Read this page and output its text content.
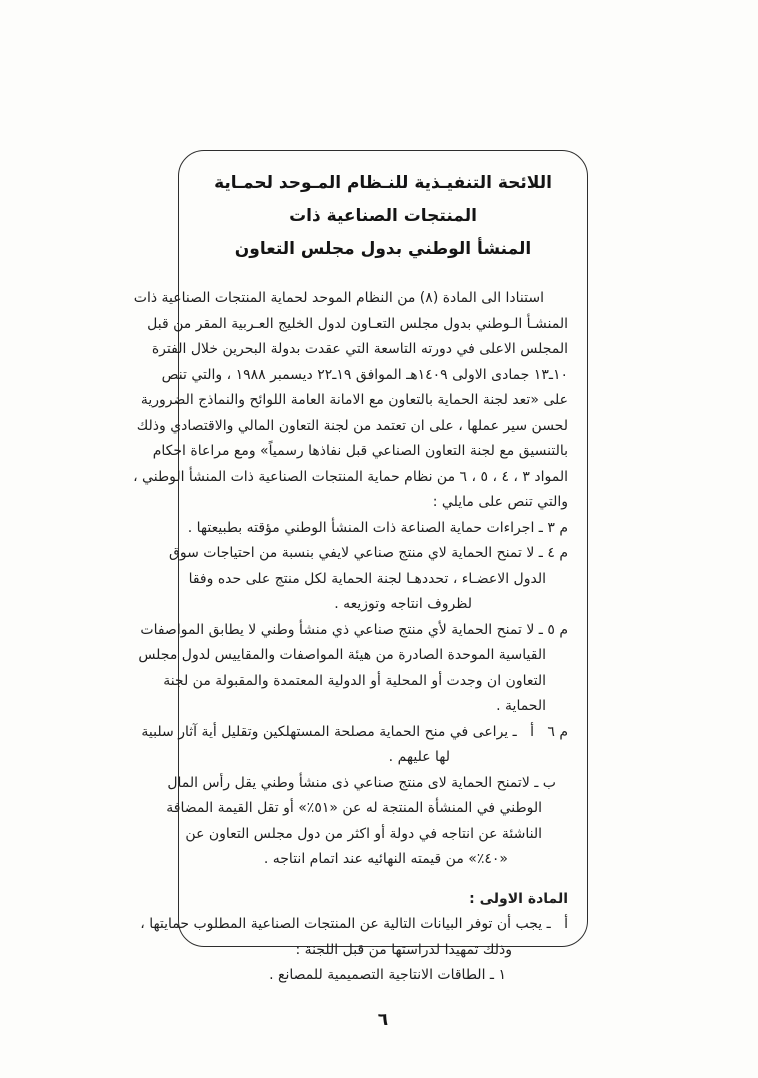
اللائحة التنفيـذية للنـظام المـوحد لحمـاية المنتجات الصناعية ذات
المنشأ الوطني بدول مجلس التعاون
استنادا الى المادة (٨) من النظام الموحد لحماية المنتجات الصناعية ذات
المنشـأ الـوطني بدول مجلس التعـاون لدول الخليج العـربية المقر من قبل
المجلس الاعلى في دورته التاسعة التي عقدت بدولة البحرين خلال الفترة
١٠ـ١٣ جمادى الاولى ١٤٠٩هـ الموافق ١٩ـ٢٢ ديسمبر ١٩٨٨ ، والتي تنص
على «تعد لجنة الحماية بالتعاون مع الامانة العامة اللوائح والنماذج الضرورية
لحسن سير عملها ، على ان تعتمد من لجنة التعاون المالي والاقتصادي وذلك
بالتنسيق مع لجنة التعاون الصناعي قبل نفاذها رسمياً» ومع مراعاة احكام
المواد ٣ ، ٤ ، ٥ ، ٦ من نظام حماية المنتجات الصناعية ذات المنشأ الوطني ،
والتي تنص على مايلي :
م ٣ ـ اجراءات حماية الصناعة ذات المنشأ الوطني مؤقته بطبيعتها .
م ٤ ـ لا تمنح الحماية لاي منتج صناعي لايفي بنسبة من احتياجات سوق
الدول الاعضـاء ، تحددهـا لجنة الحماية لكل منتج على حده وفقا
لظروف انتاجه وتوزيعه .
م ٥ ـ لا تمنح الحماية لأي منتج صناعي ذي منشأ وطني لا يطابق المواصفات
القياسية الموحدة الصادرة من هيئة المواصفات والمقاييس لدول مجلس
التعاون ان وجدت أو المحلية أو الدولية المعتمدة والمقبولة من لجنة
الحماية .
م ٦   أ   ـ يراعى في منح الحماية مصلحة المستهلكين وتقليل أية آثار سلبية
لها عليهم .
ب ـ لاتمنح الحماية لاى منتج صناعي ذى منشأ وطني يقل رأس المال
الوطني في المنشأة المنتجة له عن «٥١٪» أو تقل القيمة المضافة
الناشئة عن انتاجه في دولة أو اكثر من دول مجلس التعاون عن
«٤٠٪» من قيمته النهائيه عند اتمام انتاجه .
المادة الاولى :
أ   ـ يجب أن توفر البيانات التالية عن المنتجات الصناعية المطلوب حمايتها ،
وذلك تمهيدا لدراستها من قبل اللجنة :
١ ـ الطاقات الانتاجية التصميمية للمصانع .
٦
